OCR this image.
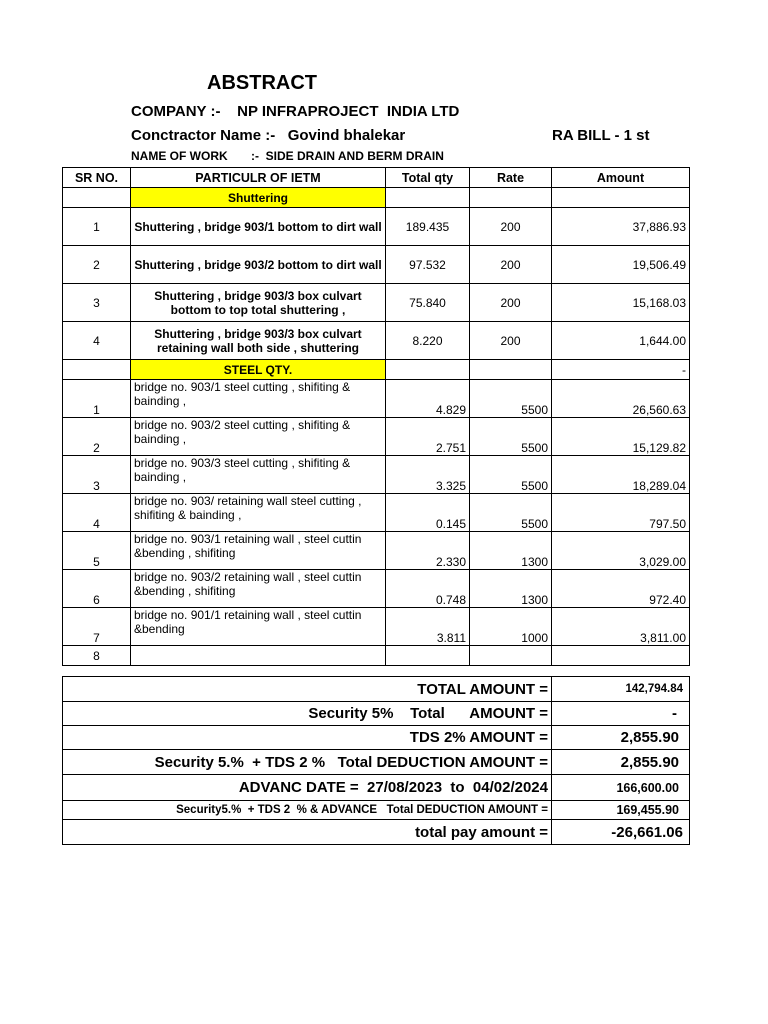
ABSTRACT
COMPANY :-    NP INFRAPROJECT  INDIA LTD
Conctractor Name :-   Govind bhalekar	RA BILL - 1 st
NAME OF WORK       :-  SIDE DRAIN AND BERM DRAIN
SR NO.	PARTICULR OF IETM	Total qty	Rate	Amount
	Shuttering			
1	Shuttering , bridge 903/1 bottom to dirt wall	189.435	200	37,886.93
2	Shuttering , bridge 903/2 bottom to dirt wall	97.532	200	19,506.49
3	Shuttering , bridge 903/3 box culvart bottom to top total shuttering ,	75.840	200	15,168.03
4	Shuttering , bridge 903/3 box culvart retaining wall both side , shuttering	8.220	200	1,644.00
	STEEL QTY.			-
1	bridge no. 903/1 steel cutting , shifiting & bainding ,	4.829	5500	26,560.63
2	bridge no. 903/2 steel cutting , shifiting & bainding ,	2.751	5500	15,129.82
3	bridge no. 903/3 steel cutting , shifiting & bainding ,	3.325	5500	18,289.04
4	bridge no. 903/ retaining wall steel cutting , shifiting & bainding ,	0.145	5500	797.50
5	bridge no. 903/1 retaining wall , steel cuttin &bending , shifiting	2.330	1300	3,029.00
6	bridge no. 903/2 retaining wall , steel cuttin &bending , shifiting	0.748	1300	972.40
7	bridge no. 901/1 retaining wall , steel cuttin &bending	3.811	1000	3,811.00
8				
TOTAL AMOUNT =	142,794.84
Security 5%    Total      AMOUNT =	-
TDS 2% AMOUNT =	2,855.90
Security 5.%  + TDS 2 %   Total DEDUCTION AMOUNT =	2,855.90
ADVANC DATE =  27/08/2023  to  04/02/2024	166,600.00
Security5.%  + TDS 2  % & ADVANCE   Total DEDUCTION AMOUNT =	169,455.90
total pay amount =	-26,661.06
